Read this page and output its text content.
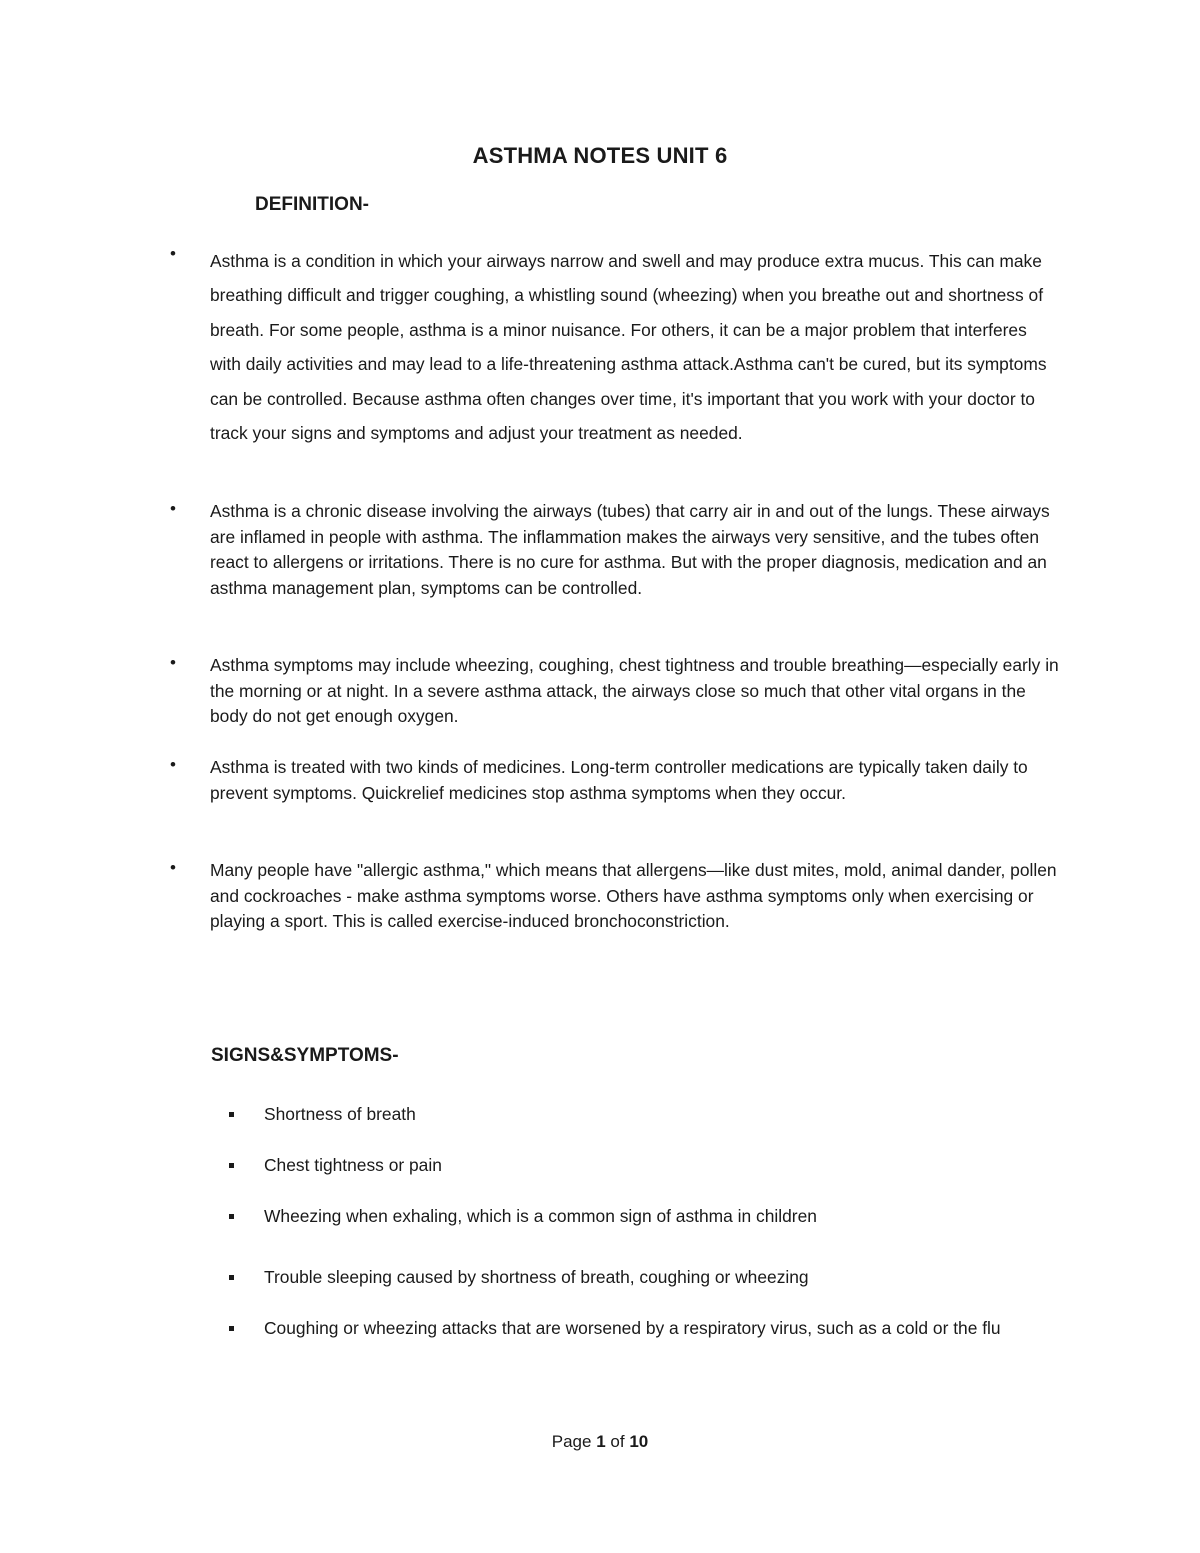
ASTHMA NOTES UNIT 6
DEFINITION-
• Asthma is a condition in which your airways narrow and swell and may produce extra mucus. This can make breathing difficult and trigger coughing, a whistling sound (wheezing) when you breathe out and shortness of breath. For some people, asthma is a minor nuisance. For others, it can be a major problem that interferes with daily activities and may lead to a life-threatening asthma attack.Asthma can't be cured, but its symptoms can be controlled. Because asthma often changes over time, it's important that you work with your doctor to track your signs and symptoms and adjust your treatment as needed.
• Asthma is a chronic disease involving the airways (tubes) that carry air in and out of the lungs. These airways are inflamed in people with asthma. The inflammation makes the airways very sensitive, and the tubes often react to allergens or irritations. There is no cure for asthma. But with the proper diagnosis, medication and an asthma management plan, symptoms can be controlled.
• Asthma symptoms may include wheezing, coughing, chest tightness and trouble breathing—especially early in the morning or at night. In a severe asthma attack, the airways close so much that other vital organs in the body do not get enough oxygen.
• Asthma is treated with two kinds of medicines. Long-term controller medications are typically taken daily to prevent symptoms. Quickrelief medicines stop asthma symptoms when they occur.
• Many people have "allergic asthma," which means that allergens—like dust mites, mold, animal dander, pollen and cockroaches - make asthma symptoms worse. Others have asthma symptoms only when exercising or playing a sport. This is called exercise-induced bronchoconstriction.
SIGNS&SYMPTOMS-
Shortness of breath
Chest tightness or pain
Wheezing when exhaling, which is a common sign of asthma in children
Trouble sleeping caused by shortness of breath, coughing or wheezing
Coughing or wheezing attacks that are worsened by a respiratory virus, such as a cold or the flu
Page 1 of 10
